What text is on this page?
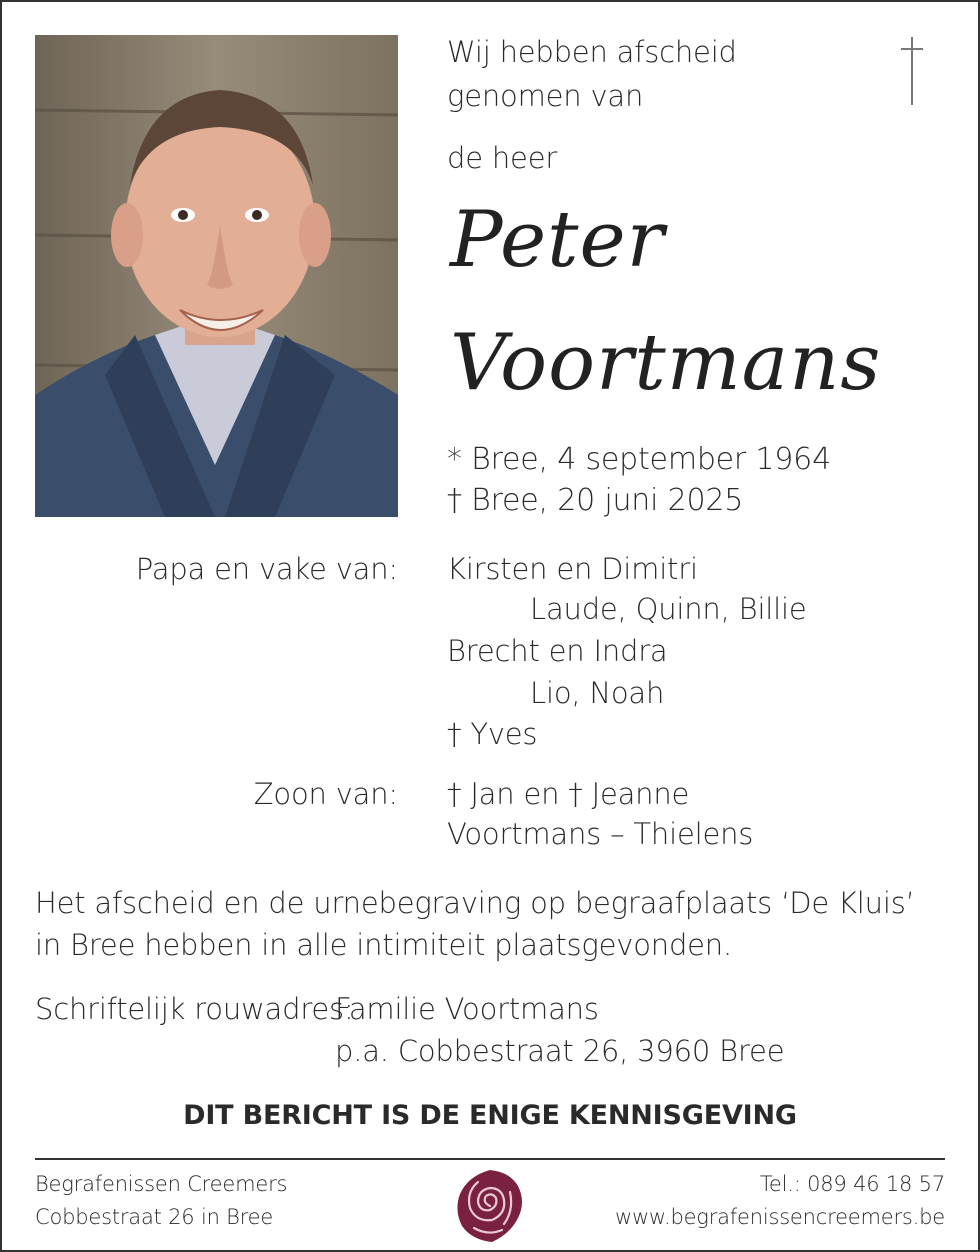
Wij hebben afscheid
genomen van
de heer
Peter
Voortmans
* Bree, 4 september 1964
† Bree, 20 juni 2025
Papa en vake van: Kirsten en Dimitri
Laude, Quinn, Billie
Brecht en Indra
Lio, Noah
† Yves
Zoon van: † Jan en † Jeanne
Voortmans – Thielens
Het afscheid en de urnebegraving op begraafplaats ‘De Kluis’
in Bree hebben in alle intimiteit plaatsgevonden.
Schriftelijk rouwadres:
Familie Voortmans
p.a. Cobbestraat 26, 3960 Bree
DIT BERICHT IS DE ENIGE KENNISGEVING
Begrafenissen Creemers
Cobbestraat 26 in Bree
Tel.: 089 46 18 57
www.begrafenissencreemers.be
